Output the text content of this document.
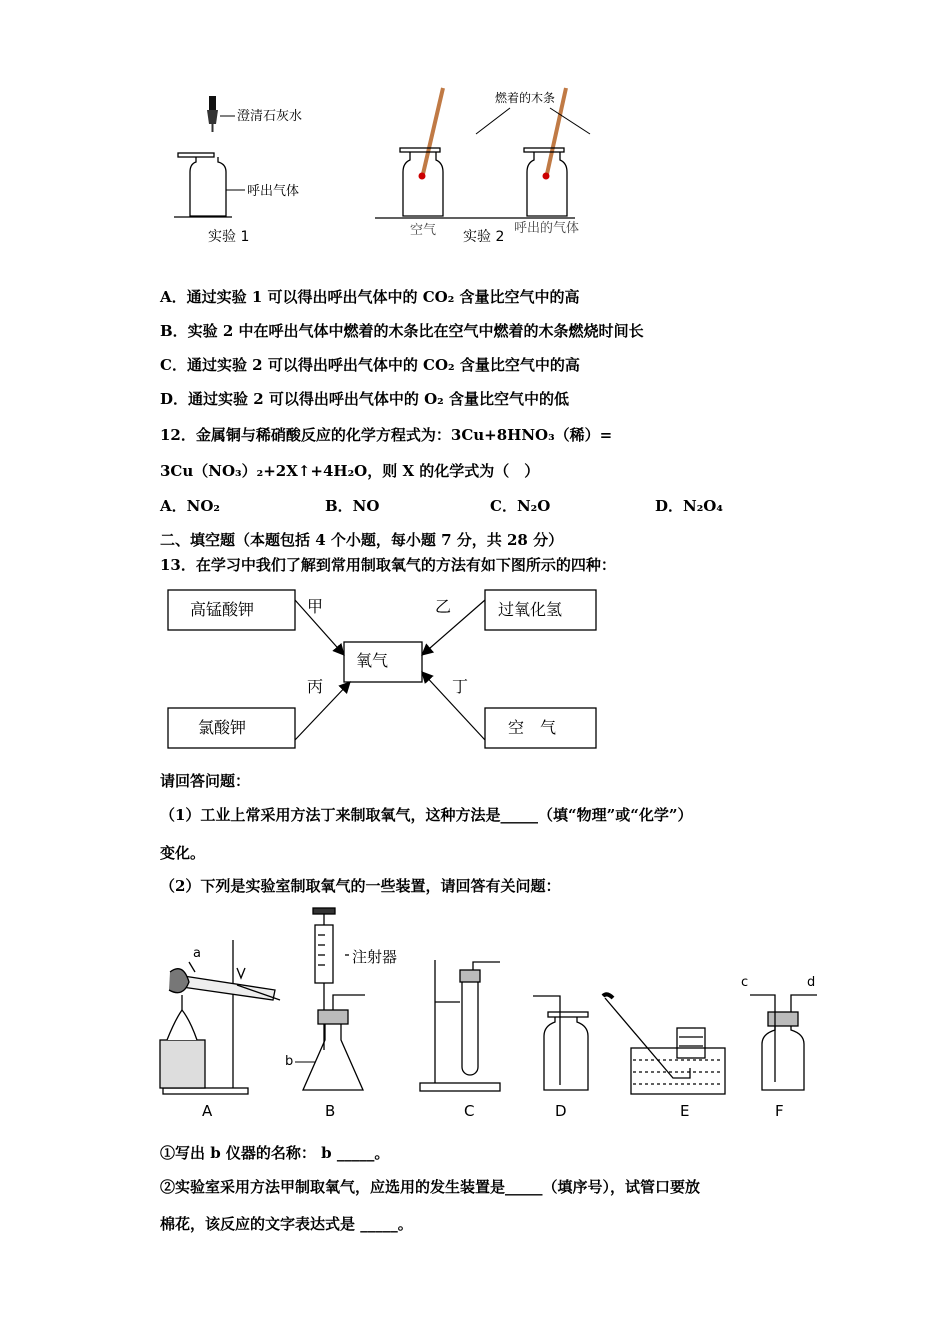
澄清石灰水
呼出气体
实验 1
燃着的木条
空气 实验 2
呼出的气体
A．通过实验 1 可以得出呼出气体中的 CO₂ 含量比空气中的高
B．实验 2 中在呼出气体中燃着的木条比在空气中燃着的木条燃烧时间长
C．通过实验 2 可以得出呼出气体中的 CO₂ 含量比空气中的高
D．通过实验 2 可以得出呼出气体中的 O₂ 含量比空气中的低
12．金属铜与稀硝酸反应的化学方程式为：3Cu+8HNO₃（稀）=
3Cu（NO₃）₂+2X↑+4H₂O，则 X 的化学式为（　）
A．NO₂	B．NO	C．N₂O	D．N₂O₄
二、填空题（本题包括 4 个小题，每小题 7 分，共 28 分）
13．在学习中我们了解到常用制取氧气的方法有如下图所示的四种：
高锰酸钾	过氧化氢
氧气
氯酸钾	空　气
甲	乙
丙	丁
请回答问题：
（1）工业上常采用方法丁来制取氧气，这种方法是_____（填“物理”或“化学”）
变化。
（2）下列是实验室制取氧气的一些装置，请回答有关问题：
a
A
注射器
b
B	C	D	E
c	d
F
①写出 b 仪器的名称： b _____。
②实验室采用方法甲制取氧气，应选用的发生装置是_____（填序号），试管口要放
棉花，该反应的文字表达式是 _____。
